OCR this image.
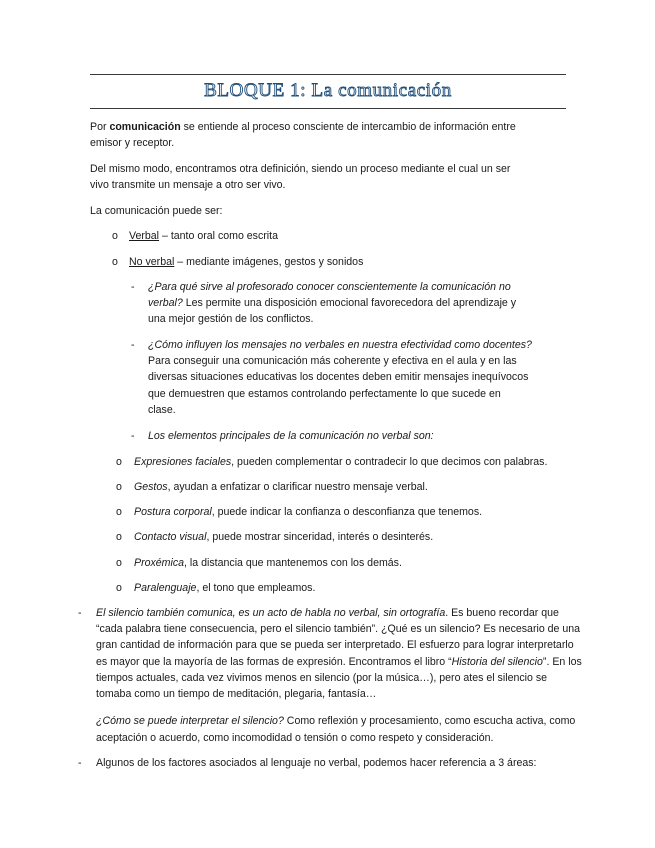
BLOQUE 1: La comunicación
Por comunicación se entiende al proceso consciente de intercambio de información entre
emisor y receptor.
Del mismo modo, encontramos otra definición, siendo un proceso mediante el cual un ser
vivo transmite un mensaje a otro ser vivo.
La comunicación puede ser:
o Verbal – tanto oral como escrita
o No verbal – mediante imágenes, gestos y sonidos
- ¿Para qué sirve al profesorado conocer conscientemente la comunicación no
verbal? Les permite una disposición emocional favorecedora del aprendizaje y
una mejor gestión de los conflictos.
- ¿Cómo influyen los mensajes no verbales en nuestra efectividad como docentes?
Para conseguir una comunicación más coherente y efectiva en el aula y en las
diversas situaciones educativas los docentes deben emitir mensajes inequívocos
que demuestren que estamos controlando perfectamente lo que sucede en
clase.
- Los elementos principales de la comunicación no verbal son:
o Expresiones faciales, pueden complementar o contradecir lo que decimos con palabras.
o Gestos, ayudan a enfatizar o clarificar nuestro mensaje verbal.
o Postura corporal, puede indicar la confianza o desconfianza que tenemos.
o Contacto visual, puede mostrar sinceridad, interés o desinterés.
o Proxémica, la distancia que mantenemos con los demás.
o Paralenguaje, el tono que empleamos.
- El silencio también comunica, es un acto de habla no verbal, sin ortografía. Es bueno recordar que
“cada palabra tiene consecuencia, pero el silencio también”. ¿Qué es un silencio? Es necesario de una
gran cantidad de información para que se pueda ser interpretado. El esfuerzo para lograr interpretarlo
es mayor que la mayoría de las formas de expresión. Encontramos el libro “Historia del silencio”. En los
tiempos actuales, cada vez vivimos menos en silencio (por la música…), pero ates el silencio se
tomaba como un tiempo de meditación, plegaria, fantasía…
¿Cómo se puede interpretar el silencio? Como reflexión y procesamiento, como escucha activa, como
aceptación o acuerdo, como incomodidad o tensión o como respeto y consideración.
- Algunos de los factores asociados al lenguaje no verbal, podemos hacer referencia a 3 áreas:
